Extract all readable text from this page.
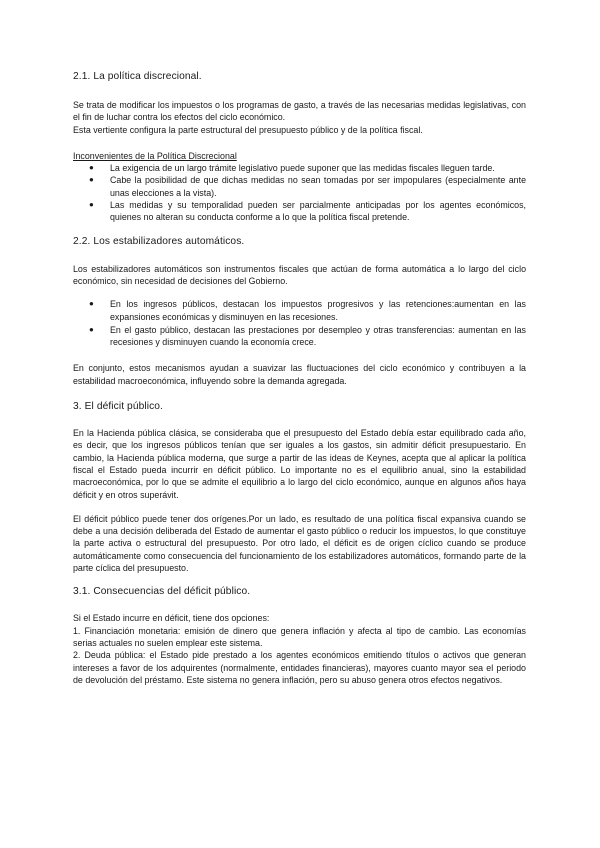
2.1. La política discrecional.

Se trata de modificar los impuestos o los programas de gasto, a través de las necesarias medidas legislativas, con el fin de luchar contra los efectos del ciclo económico.

Esta vertiente configura la parte estructural del presupuesto público y de la política fiscal.

Inconvenientes de la Política Discrecional

● La exigencia de un largo trámite legislativo puede suponer que las medidas fiscales lleguen tarde.
● Cabe la posibilidad de que dichas medidas no sean tomadas por ser impopulares (especialmente ante unas elecciones a la vista).
● Las medidas y su temporalidad pueden ser parcialmente anticipadas por los agentes económicos, quienes no alteran su conducta conforme a lo que la política fiscal pretende.
2.2. Los estabilizadores automáticos.

Los estabilizadores automáticos son instrumentos fiscales que actúan de forma automática a lo largo del ciclo económico, sin necesidad de decisiones del Gobierno.

● En los ingresos públicos, destacan los impuestos progresivos y las retenciones:aumentan en las expansiones económicas y disminuyen en las recesiones.
● En el gasto público, destacan las prestaciones por desempleo y otras transferencias: aumentan en las recesiones y disminuyen cuando la economía crece.

En conjunto, estos mecanismos ayudan a suavizar las fluctuaciones del ciclo económico y contribuyen a la estabilidad macroeconómica, influyendo sobre la demanda agregada.

3. El déficit público.

En la Hacienda pública clásica, se consideraba que el presupuesto del Estado debía estar equilibrado cada año, es decir, que los ingresos públicos tenían que ser iguales a los gastos, sin admitir déficit presupuestario. En cambio, la Hacienda pública moderna, que surge a partir de las ideas de Keynes, acepta que al aplicar la política fiscal el Estado pueda incurrir en déficit público. Lo importante no es el equilibrio anual, sino la estabilidad macroeconómica, por lo que se admite el equilibrio a lo largo del ciclo económico, aunque en algunos años haya déficit y en otros superávit.

El déficit público puede tener dos orígenes.Por un lado, es resultado de una política fiscal expansiva cuando se debe a una decisión deliberada del Estado de aumentar el gasto público o reducir los impuestos, lo que constituye la parte activa o estructural del presupuesto. Por otro lado, el déficit es de origen cíclico cuando se produce automáticamente como consecuencia del funcionamiento de los estabilizadores automáticos, formando parte de la parte cíclica del presupuesto.

3.1. Consecuencias del déficit público.

Si el Estado incurre en déficit, tiene dos opciones:

1. Financiación monetaria: emisión de dinero que genera inflación y afecta al tipo de cambio. Las economías serias actuales no suelen emplear este sistema.

2. Deuda pública: el Estado pide prestado a los agentes económicos emitiendo títulos o activos que generan intereses a favor de los adquirentes (normalmente, entidades financieras), mayores cuanto mayor sea el periodo de devolución del préstamo. Este sistema no genera inflación, pero su abuso genera otros efectos negativos.
